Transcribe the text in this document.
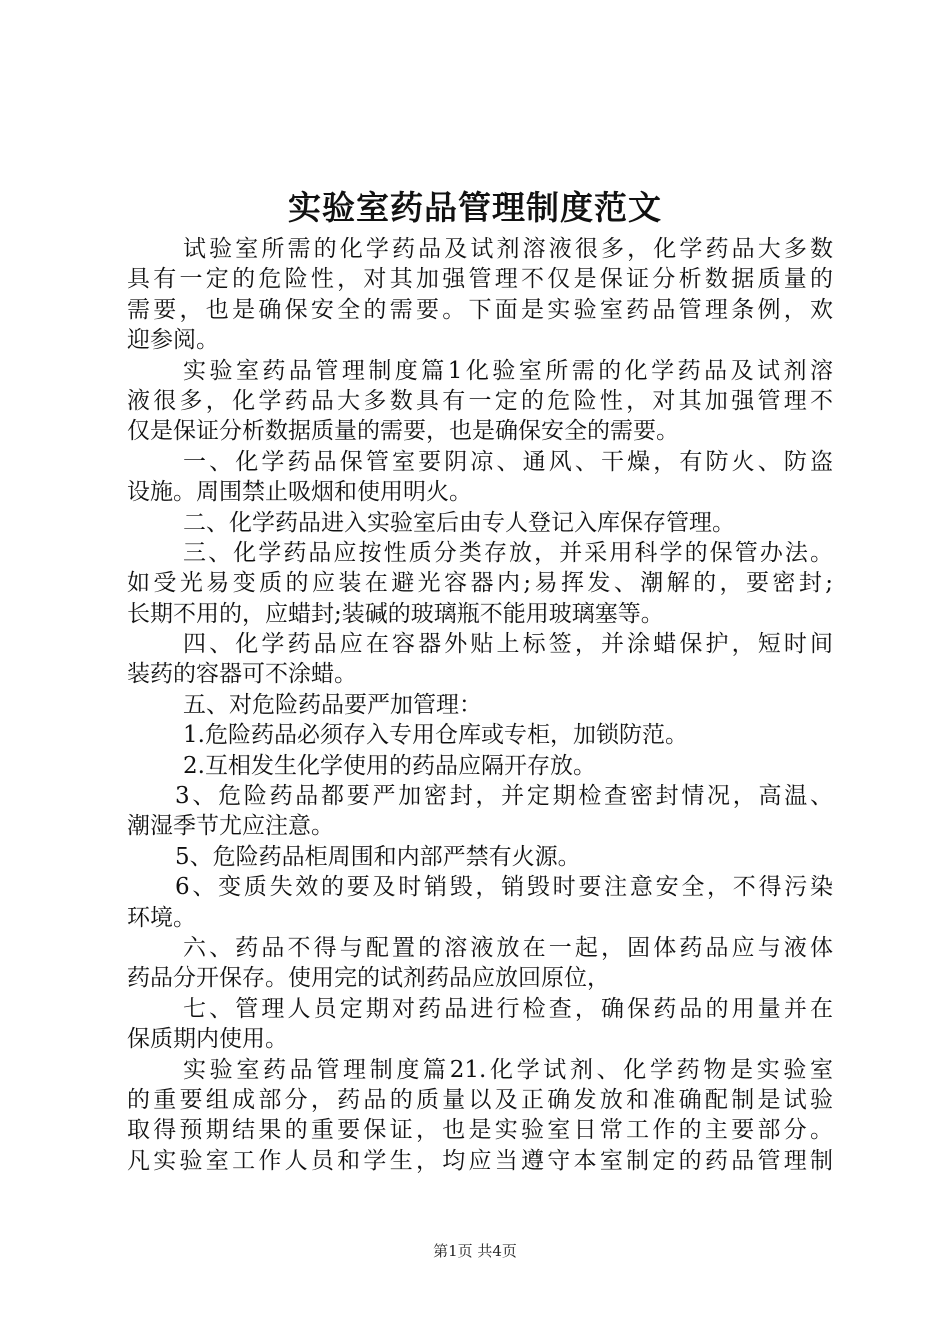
实验室药品管理制度范文
试验室所需的化学药品及试剂溶液很多，化学药品大多数
具有一定的危险性，对其加强管理不仅是保证分析数据质量的
需要，也是确保安全的需要。下面是实验室药品管理条例，欢
迎参阅。
实验室药品管理制度篇1化验室所需的化学药品及试剂溶
液很多，化学药品大多数具有一定的危险性，对其加强管理不
仅是保证分析数据质量的需要，也是确保安全的需要。
一、化学药品保管室要阴凉、通风、干燥，有防火、防盗
设施。周围禁止吸烟和使用明火。
二、化学药品进入实验室后由专人登记入库保存管理。
三、化学药品应按性质分类存放，并采用科学的保管办法。
如受光易变质的应装在避光容器内;易挥发、潮解的，要密封;
长期不用的，应蜡封;装碱的玻璃瓶不能用玻璃塞等。
四、化学药品应在容器外贴上标签，并涂蜡保护，短时间
装药的容器可不涂蜡。
五、对危险药品要严加管理：
1.危险药品必须存入专用仓库或专柜，加锁防范。
2.互相发生化学使用的药品应隔开存放。
3、危险药品都要严加密封，并定期检查密封情况，高温、
潮湿季节尤应注意。
5、危险药品柜周围和内部严禁有火源。
6、变质失效的要及时销毁，销毁时要注意安全，不得污染
环境。
六、药品不得与配置的溶液放在一起，固体药品应与液体
药品分开保存。使用完的试剂药品应放回原位，
七、管理人员定期对药品进行检查，确保药品的用量并在
保质期内使用。
实验室药品管理制度篇21.化学试剂、化学药物是实验室
的重要组成部分，药品的质量以及正确发放和准确配制是试验
取得预期结果的重要保证，也是实验室日常工作的主要部分。
凡实验室工作人员和学生，均应当遵守本室制定的药品管理制
第1页 共4页
